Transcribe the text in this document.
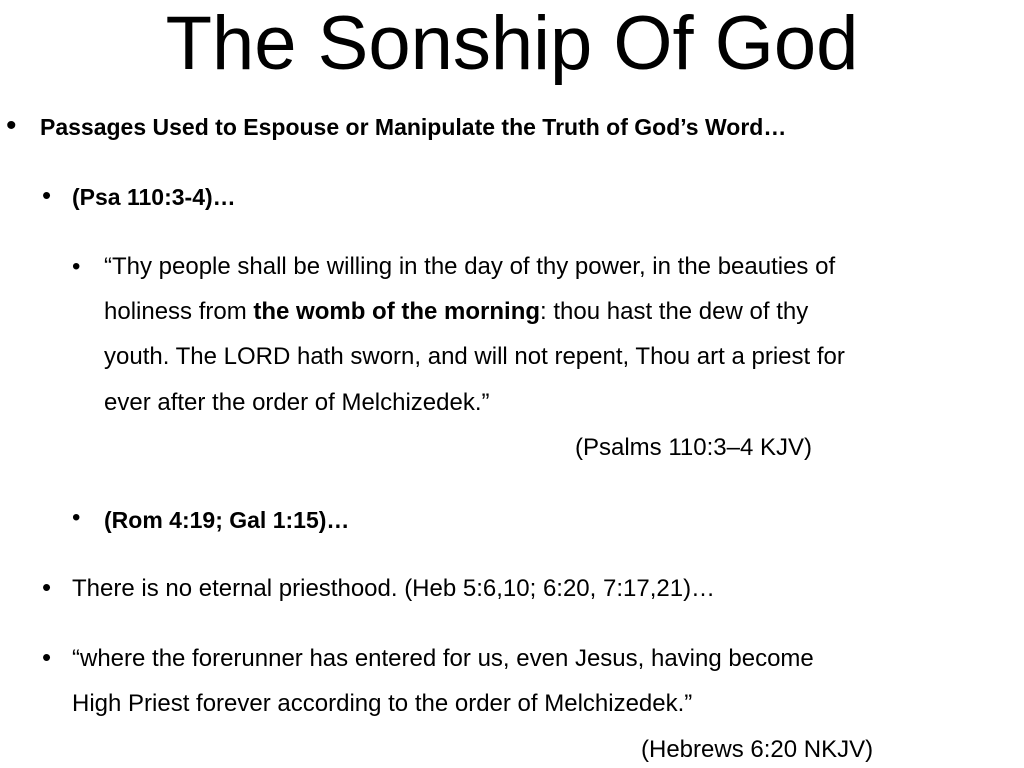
The Sonship Of God
• Passages Used to Espouse or Manipulate the Truth of God’s Word…
• (Psa 110:3-4)…
• “Thy people shall be willing in the day of thy power, in the beauties of
holiness from the womb of the morning: thou hast the dew of thy
youth. The LORD hath sworn, and will not repent, Thou art a priest for
ever after the order of Melchizedek.”
(Psalms 110:3–4 KJV)
• (Rom 4:19; Gal 1:15)…
• There is no eternal priesthood. (Heb 5:6,10; 6:20, 7:17,21)…
• “where the forerunner has entered for us, even Jesus, having become
High Priest forever according to the order of Melchizedek.”
(Hebrews 6:20 NKJV)
